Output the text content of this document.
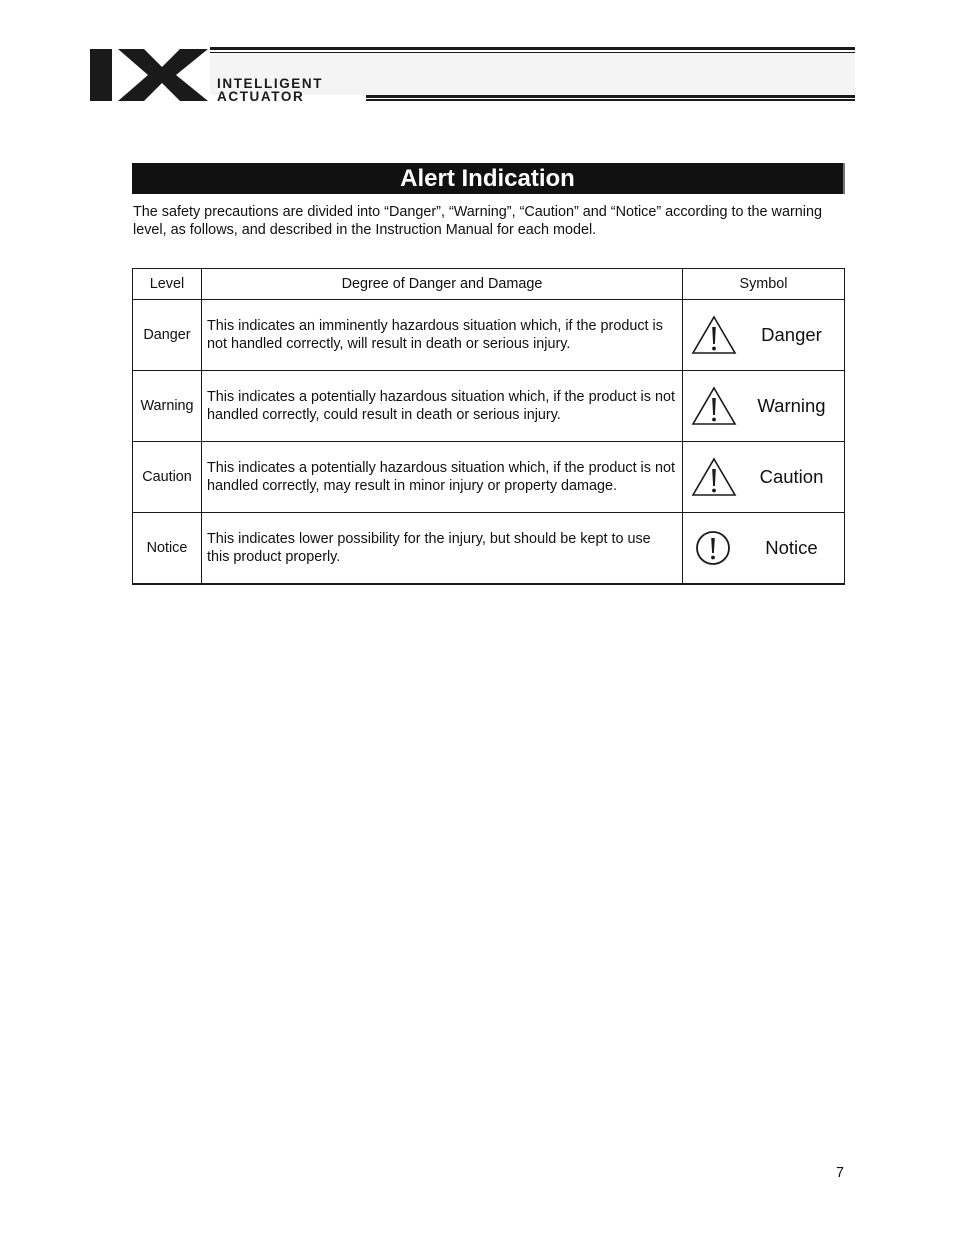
INTELLIGENT
ACTUATOR
Alert Indication

The safety precautions are divided into “Danger”, “Warning”, “Caution” and “Notice” according to the warning level, as follows, and described in the Instruction Manual for each model.

Level	Degree of Danger and Damage	Symbol
Danger	This indicates an imminently hazardous situation which, if the product is not handled correctly, will result in death or serious injury.	Danger

Warning	This indicates a potentially hazardous situation which, if the product is not handled correctly, could result in death or serious injury.	Warning

Caution	This indicates a potentially hazardous situation which, if the product is not handled correctly, may result in minor injury or property damage.	Caution

Notice	This indicates lower possibility for the injury, but should be kept to use this product properly.	Notice
7
